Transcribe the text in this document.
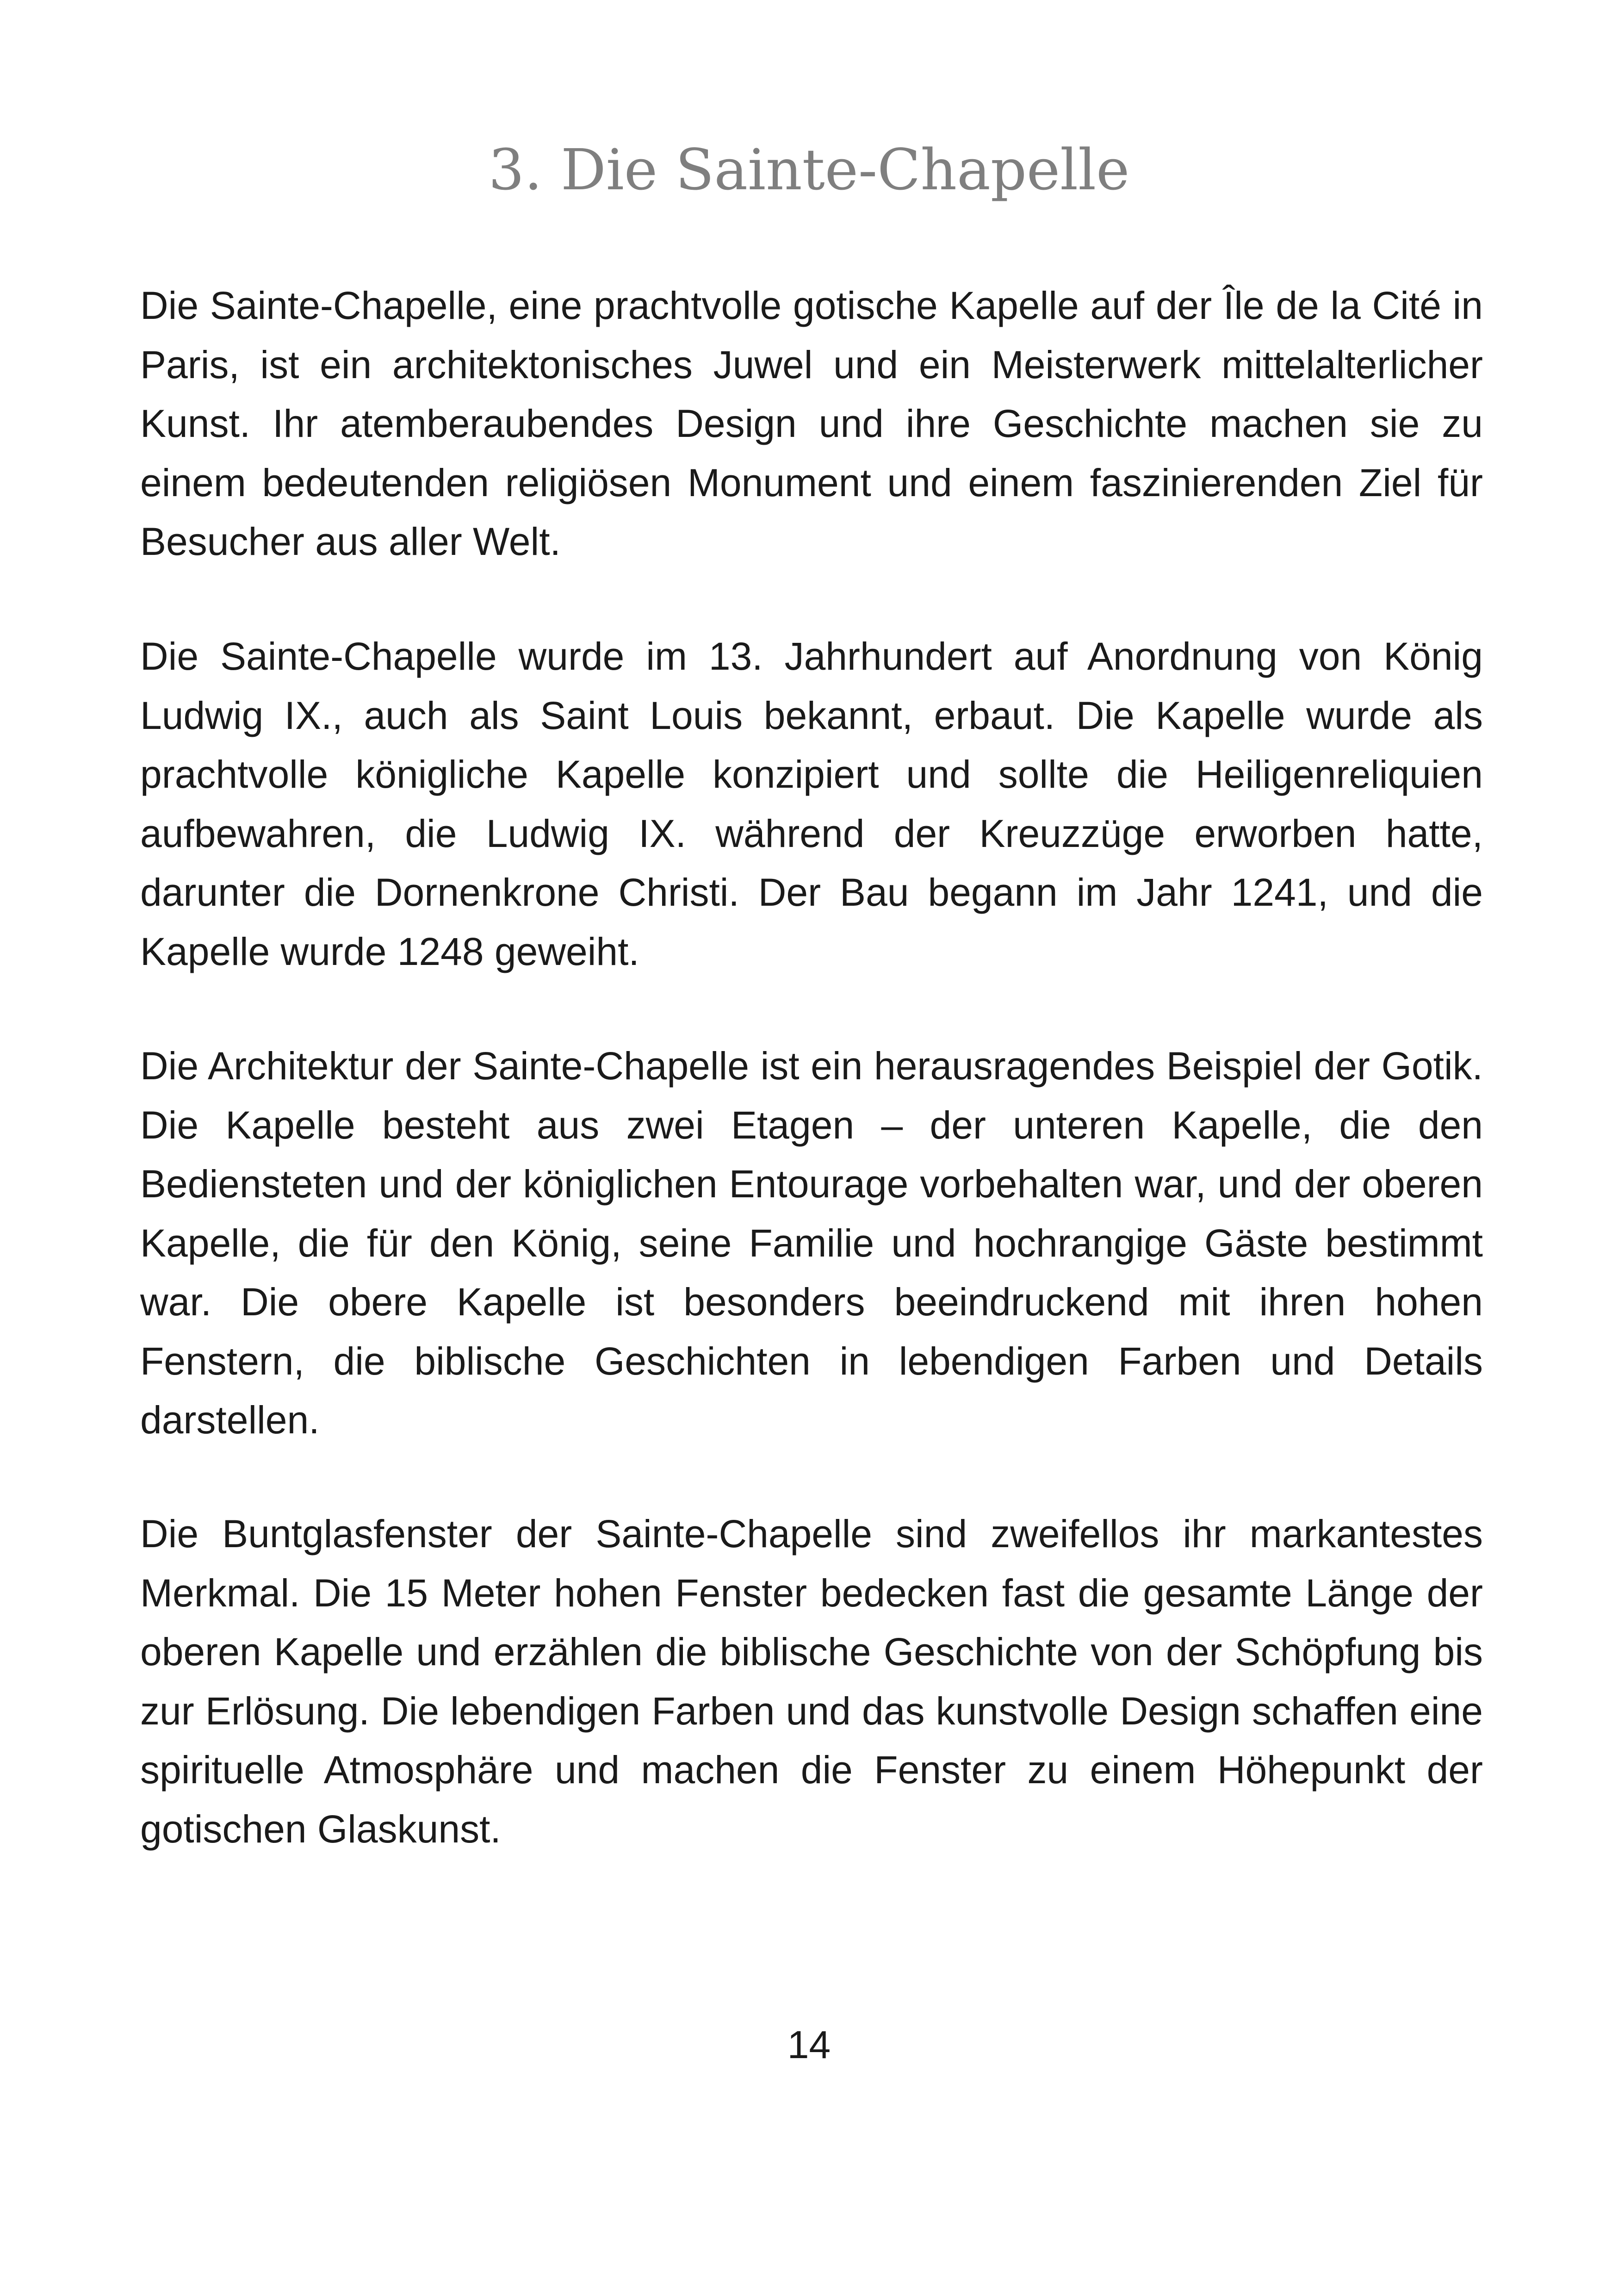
3. Die Sainte-Chapelle

Die Sainte-Chapelle, eine prachtvolle gotische Kapelle auf der Île de la Cité in Paris, ist ein architektonisches Juwel und ein Meisterwerk mittelalterlicher Kunst. Ihr atemberaubendes Design und ihre Geschichte machen sie zu einem bedeutenden religiösen Monument und einem faszinierenden Ziel für Besucher aus aller Welt.

Die Sainte-Chapelle wurde im 13. Jahrhundert auf Anordnung von König Ludwig IX., auch als Saint Louis bekannt, erbaut. Die Kapelle wurde als prachtvolle königliche Kapelle konzipiert und sollte die Heiligenreliquien aufbewahren, die Ludwig IX. während der Kreuzzüge erworben hatte, darunter die Dornenkrone Christi. Der Bau begann im Jahr 1241, und die Kapelle wurde 1248 geweiht.

Die Architektur der Sainte-Chapelle ist ein herausragendes Beispiel der Gotik. Die Kapelle besteht aus zwei Etagen – der unteren Kapelle, die den Bediensteten und der königlichen Entourage vorbehalten war, und der oberen Kapelle, die für den König, seine Familie und hochrangige Gäste bestimmt war. Die obere Kapelle ist besonders beeindruckend mit ihren hohen Fenstern, die biblische Geschichten in lebendigen Farben und Details darstellen.

Die Buntglasfenster der Sainte-Chapelle sind zweifellos ihr markantestes Merkmal. Die 15 Meter hohen Fenster bedecken fast die gesamte Länge der oberen Kapelle und erzählen die biblische Geschichte von der Schöpfung bis zur Erlösung. Die lebendigen Farben und das kunstvolle Design schaffen eine spirituelle Atmosphäre und machen die Fenster zu einem Höhepunkt der gotischen Glaskunst.

14
